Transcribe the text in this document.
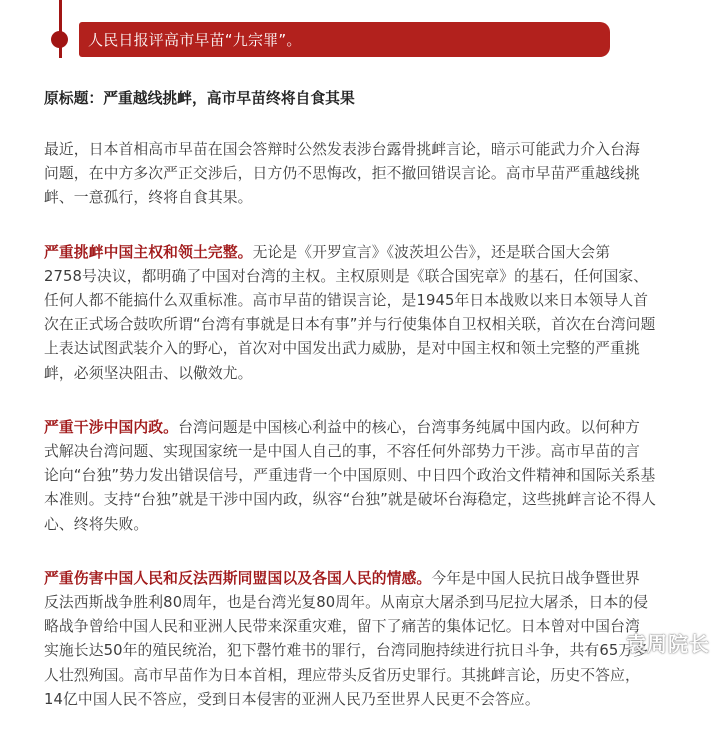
人民日报评高市早苗“九宗罪”。

原标题：严重越线挑衅，高市早苗终将自食其果

最近，日本首相高市早苗在国会答辩时公然发表涉台露骨挑衅言论，暗示可能武力介入台海
问题，在中方多次严正交涉后，日方仍不思悔改，拒不撤回错误言论。高市早苗严重越线挑
衅、一意孤行，终将自食其果。

严重挑衅中国主权和领土完整。无论是《开罗宣言》《波茨坦公告》，还是联合国大会第
2758号决议，都明确了中国对台湾的主权。主权原则是《联合国宪章》的基石，任何国家、
任何人都不能搞什么双重标准。高市早苗的错误言论，是1945年日本战败以来日本领导人首
次在正式场合鼓吹所谓“台湾有事就是日本有事”并与行使集体自卫权相关联，首次在台湾问题
上表达试图武装介入的野心，首次对中国发出武力威胁，是对中国主权和领土完整的严重挑
衅，必须坚决阻击、以儆效尤。

严重干涉中国内政。台湾问题是中国核心利益中的核心，台湾事务纯属中国内政。以何种方
式解决台湾问题、实现国家统一是中国人自己的事，不容任何外部势力干涉。高市早苗的言
论向“台独”势力发出错误信号，严重违背一个中国原则、中日四个政治文件精神和国际关系基
本准则。支持“台独”就是干涉中国内政，纵容“台独”就是破坏台海稳定，这些挑衅言论不得人
心、终将失败。

严重伤害中国人民和反法西斯同盟国以及各国人民的情感。今年是中国人民抗日战争暨世界
反法西斯战争胜利80周年，也是台湾光复80周年。从南京大屠杀到马尼拉大屠杀，日本的侵
略战争曾给中国人民和亚洲人民带来深重灾难，留下了痛苦的集体记忆。日本曾对中国台湾
实施长达50年的殖民统治，犯下罄竹难书的罪行，台湾同胞持续进行抗日斗争，共有65万多
人壮烈殉国。高市早苗作为日本首相，理应带头反省历史罪行。其挑衅言论，历史不答应，
14亿中国人民不答应，受到日本侵害的亚洲人民乃至世界人民更不会答应。

袁周院长
